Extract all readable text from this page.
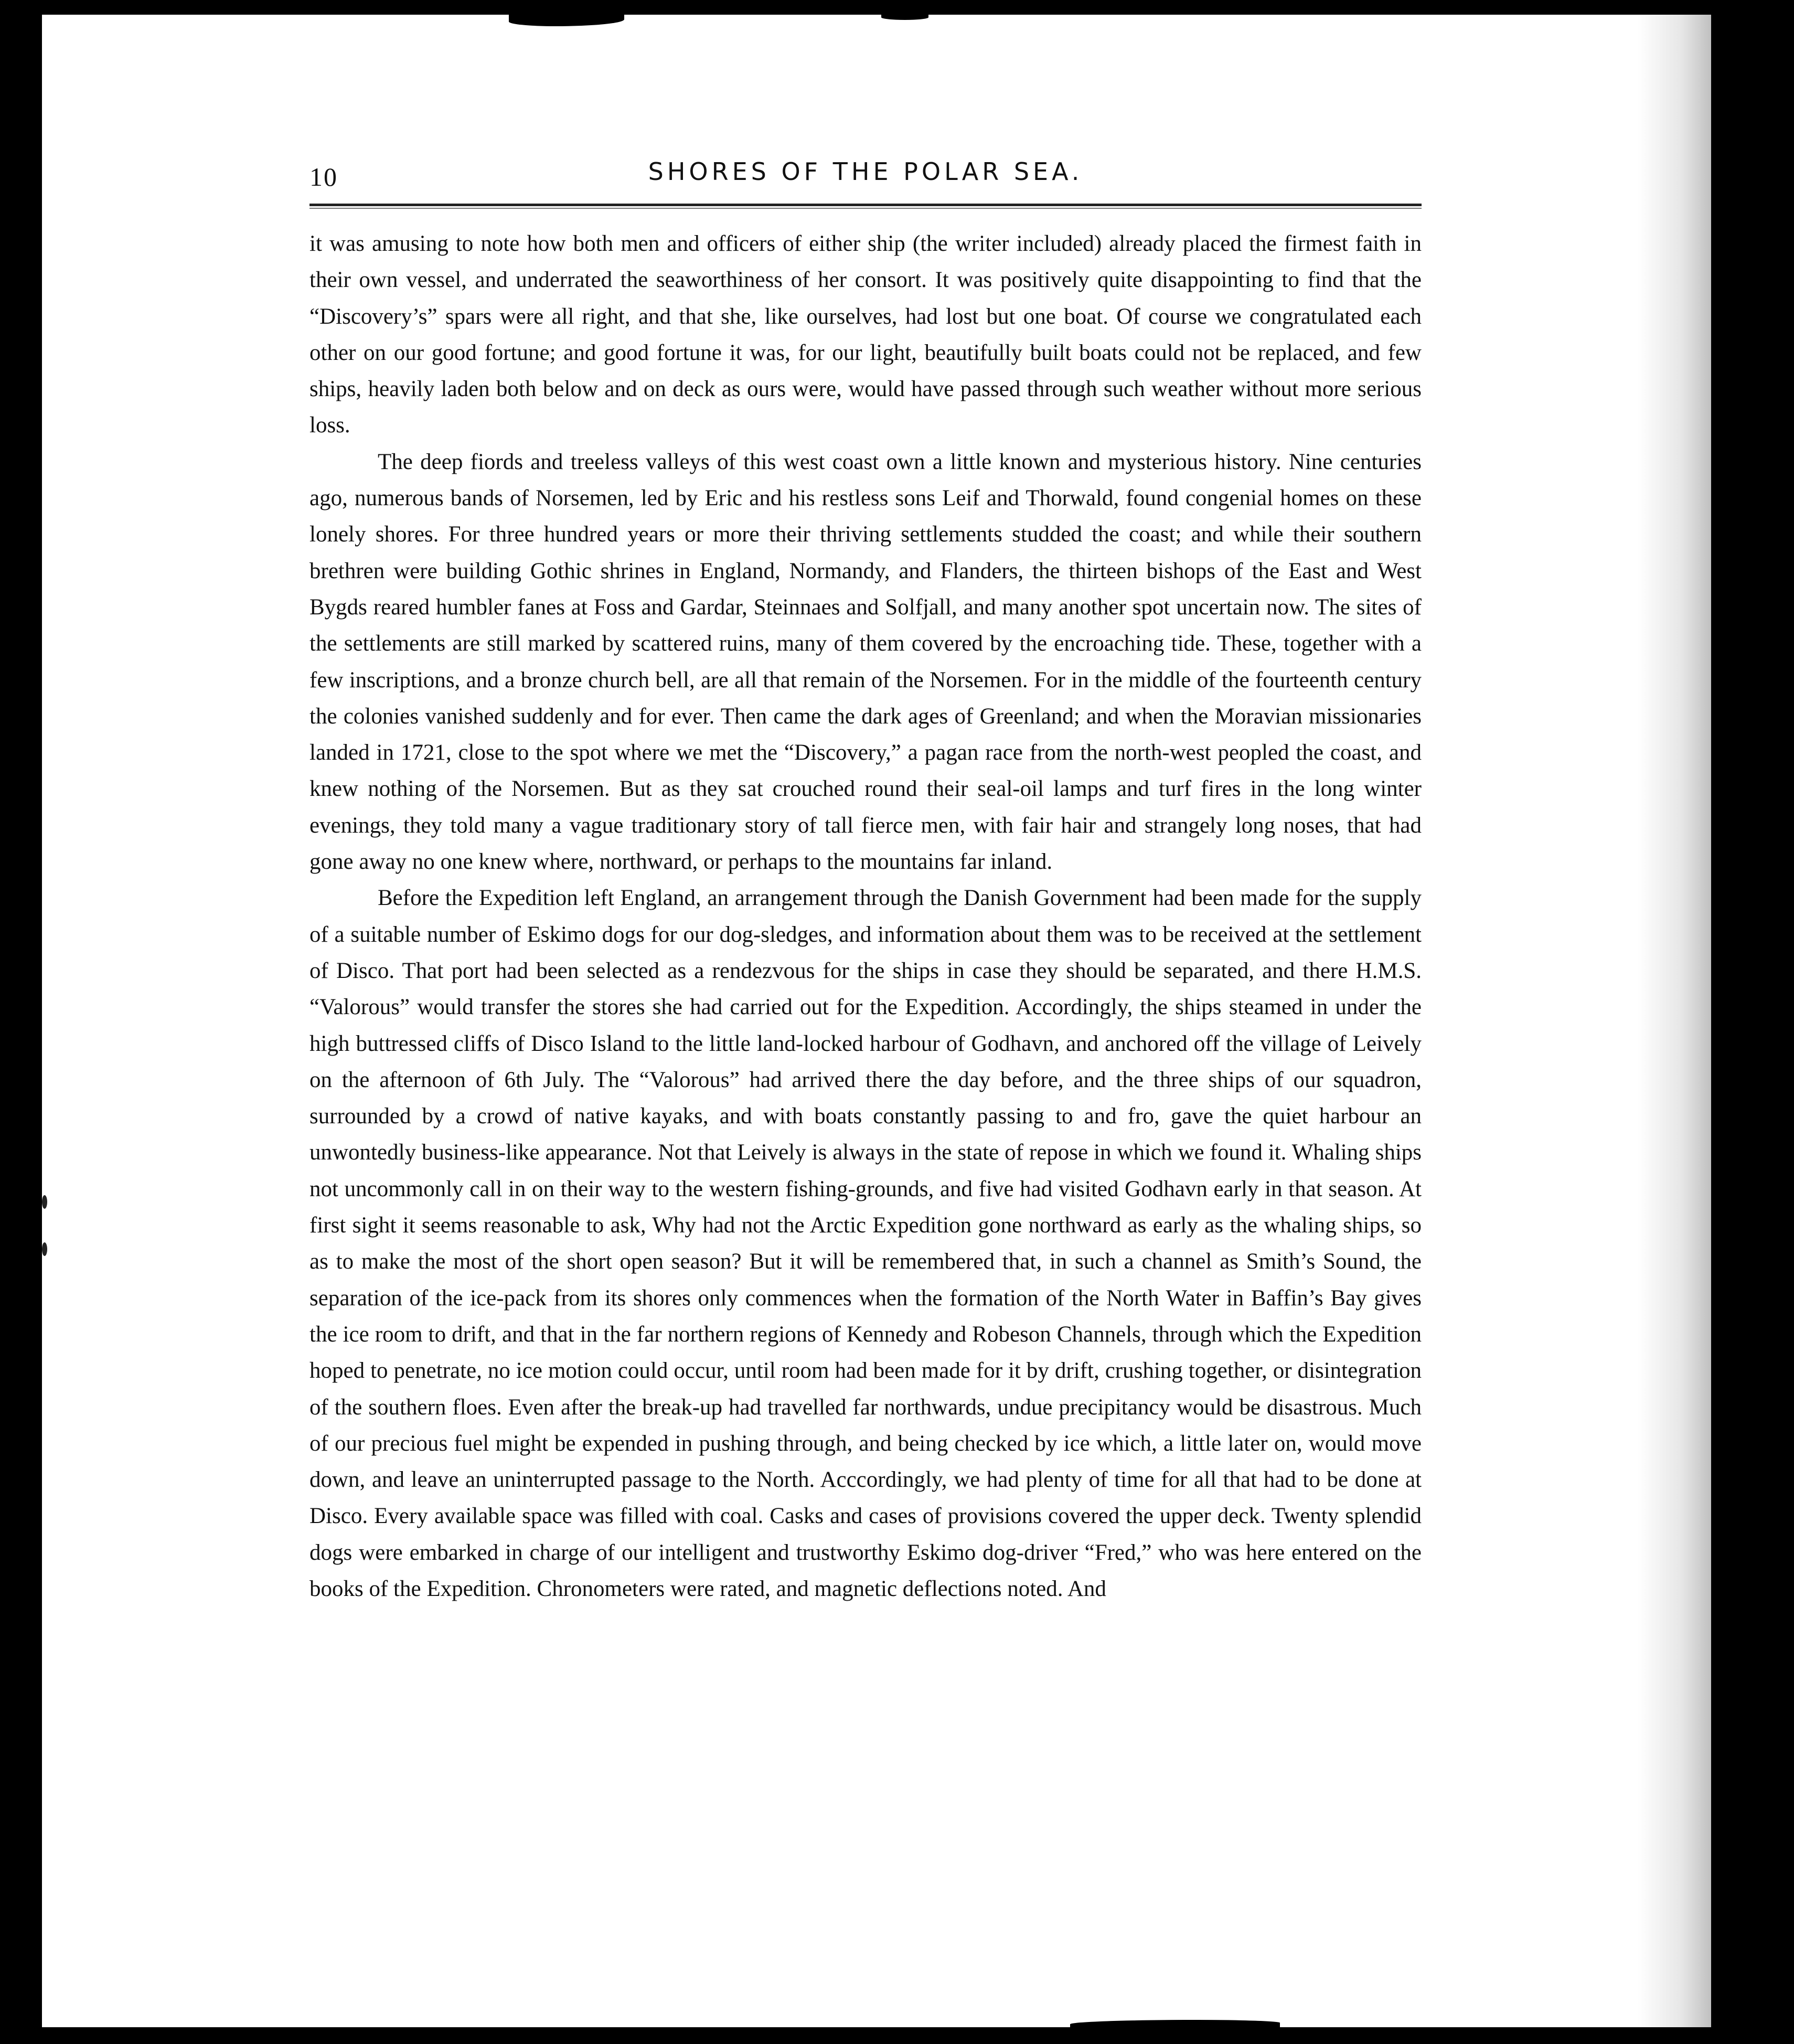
10	SHORES OF THE POLAR SEA.

it was amusing to note how both men and officers of either ship (the writer included) already placed the firmest faith in their own vessel, and underrated the seaworthiness of her consort. It was positively quite disappointing to find that the “Discovery’s” spars were all right, and that she, like ourselves, had lost but one boat. Of course we congratulated each other on our good fortune; and good fortune it was, for our light, beautifully built boats could not be replaced, and few ships, heavily laden both below and on deck as ours were, would have passed through such weather without more serious loss.

The deep fiords and treeless valleys of this west coast own a little known and mysterious history. Nine centuries ago, numerous bands of Norsemen, led by Eric and his restless sons Leif and Thorwald, found congenial homes on these lonely shores. For three hundred years or more their thriving settlements studded the coast; and while their southern brethren were building Gothic shrines in England, Normandy, and Flanders, the thirteen bishops of the East and West Bygds reared humbler fanes at Foss and Gardar, Steinnaes and Solfjall, and many another spot uncertain now. The sites of the settlements are still marked by scattered ruins, many of them covered by the encroaching tide. These, together with a few inscriptions, and a bronze church bell, are all that remain of the Norsemen. For in the middle of the fourteenth century the colonies vanished suddenly and for ever. Then came the dark ages of Greenland; and when the Moravian missionaries landed in 1721, close to the spot where we met the “Discovery,” a pagan race from the north-west peopled the coast, and knew nothing of the Norsemen. But as they sat crouched round their seal-oil lamps and turf fires in the long winter evenings, they told many a vague traditionary story of tall fierce men, with fair hair and strangely long noses, that had gone away no one knew where, northward, or perhaps to the mountains far inland.

Before the Expedition left England, an arrangement through the Danish Government had been made for the supply of a suitable number of Eskimo dogs for our dog-sledges, and information about them was to be received at the settlement of Disco. That port had been selected as a rendezvous for the ships in case they should be separated, and there H.M.S. “Valorous” would transfer the stores she had carried out for the Expedition. Accordingly, the ships steamed in under the high buttressed cliffs of Disco Island to the little land-locked harbour of Godhavn, and anchored off the village of Leively on the afternoon of 6th July. The “Valorous” had arrived there the day before, and the three ships of our squadron, surrounded by a crowd of native kayaks, and with boats constantly passing to and fro, gave the quiet harbour an unwontedly business-like appearance. Not that Leively is always in the state of repose in which we found it. Whaling ships not uncommonly call in on their way to the western fishing-grounds, and five had visited Godhavn early in that season. At first sight it seems reasonable to ask, Why had not the Arctic Expedition gone northward as early as the whaling ships, so as to make the most of the short open season? But it will be remembered that, in such a channel as Smith’s Sound, the separation of the ice-pack from its shores only commences when the formation of the North Water in Baffin’s Bay gives the ice room to drift, and that in the far northern regions of Kennedy and Robeson Channels, through which the Expedition hoped to penetrate, no ice motion could occur, until room had been made for it by drift, crushing together, or disintegration of the southern floes. Even after the break-up had travelled far northwards, undue precipitancy would be disastrous. Much of our precious fuel might be expended in pushing through, and being checked by ice which, a little later on, would move down, and leave an uninterrupted passage to the North. Acccordingly, we had plenty of time for all that had to be done at Disco. Every available space was filled with coal. Casks and cases of provisions covered the upper deck. Twenty splendid dogs were embarked in charge of our intelligent and trustworthy Eskimo dog-driver “Fred,” who was here entered on the books of the Expedition. Chronometers were rated, and magnetic deflections noted. And
